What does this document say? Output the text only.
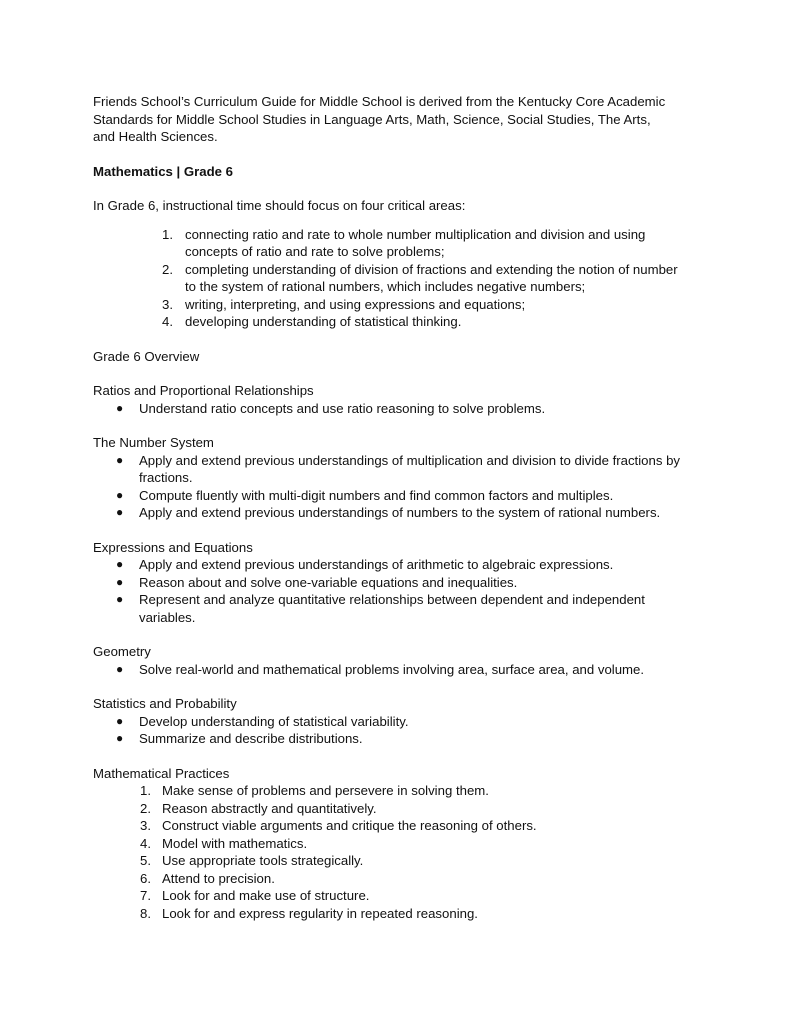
Friends School’s Curriculum Guide for Middle School is derived from the Kentucky Core Academic Standards for Middle School Studies in Language Arts, Math, Science, Social Studies, The Arts, and Health Sciences.

Mathematics | Grade 6

In Grade 6, instructional time should focus on four critical areas:

1. connecting ratio and rate to whole number multiplication and division and using concepts of ratio and rate to solve problems;
2. completing understanding of division of fractions and extending the notion of number to the system of rational numbers, which includes negative numbers;
3. writing, interpreting, and using expressions and equations;
4. developing understanding of statistical thinking.

Grade 6 Overview

Ratios and Proportional Relationships

● Understand ratio concepts and use ratio reasoning to solve problems.

The Number System

● Apply and extend previous understandings of multiplication and division to divide fractions by fractions.
● Compute fluently with multi-digit numbers and find common factors and multiples.
● Apply and extend previous understandings of numbers to the system of rational numbers.

Expressions and Equations

● Apply and extend previous understandings of arithmetic to algebraic expressions.
● Reason about and solve one-variable equations and inequalities.
● Represent and analyze quantitative relationships between dependent and independent variables.

Geometry

● Solve real-world and mathematical problems involving area, surface area, and volume.

Statistics and Probability

● Develop understanding of statistical variability.
● Summarize and describe distributions.

Mathematical Practices

1. Make sense of problems and persevere in solving them.
2. Reason abstractly and quantitatively.
3. Construct viable arguments and critique the reasoning of others.
4. Model with mathematics.
5. Use appropriate tools strategically.
6. Attend to precision.
7. Look for and make use of structure.
8. Look for and express regularity in repeated reasoning.
